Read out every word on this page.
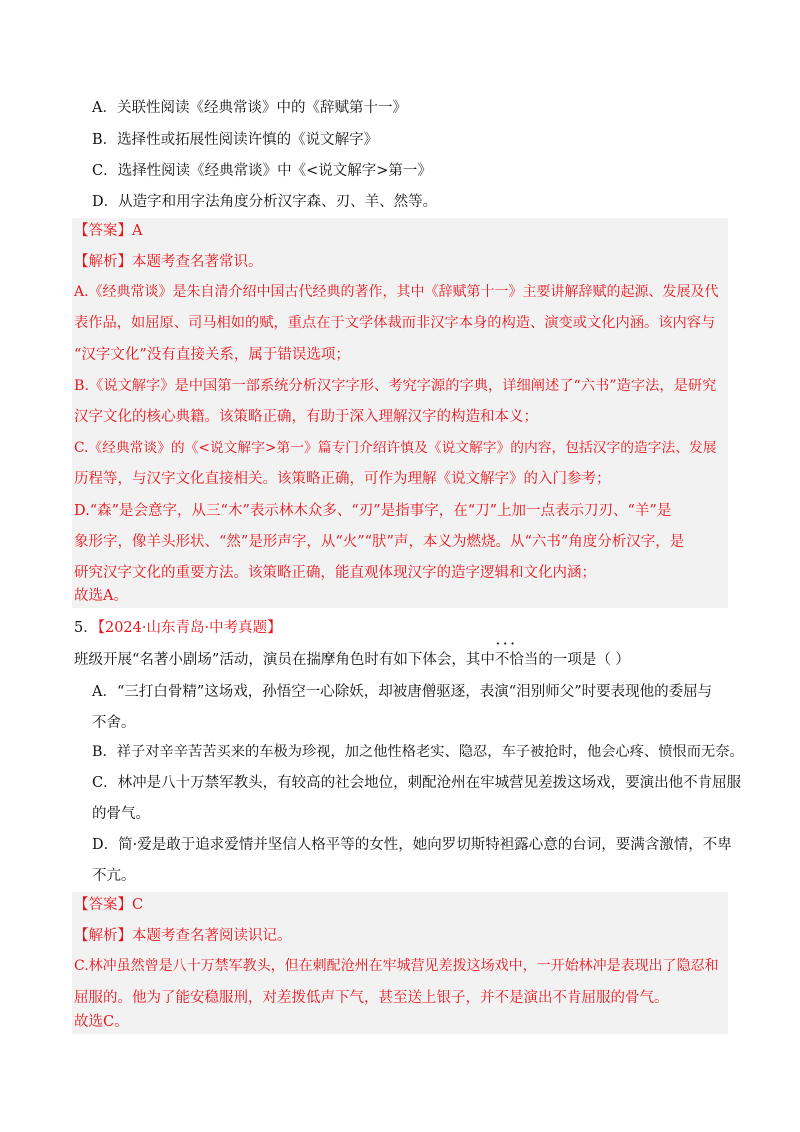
A．关联性阅读《经典常谈》中的《辞赋第十一》
B．选择性或拓展性阅读许慎的《说文解字》
C．选择性阅读《经典常谈》中《<说文解字>第一》
D．从造字和用字法角度分析汉字森、刃、羊、然等。
【答案】A
【解析】本题考查名著常识。
A.《经典常谈》是朱自清介绍中国古代经典的著作，其中《辞赋第十一》主要讲解辞赋的起源、发展及代
表作品，如屈原、司马相如的赋，重点在于文学体裁而非汉字本身的构造、演变或文化内涵。该内容与
“汉字文化”没有直接关系，属于错误选项；
B.《说文解字》是中国第一部系统分析汉字字形、考究字源的字典，详细阐述了“六书”造字法，是研究
汉字文化的核心典籍。该策略正确，有助于深入理解汉字的构造和本义；
C.《经典常谈》的《<说文解字>第一》篇专门介绍许慎及《说文解字》的内容，包括汉字的造字法、发展
历程等，与汉字文化直接相关。该策略正确，可作为理解《说文解字》的入门参考；
D.“森”是会意字，从三“木”表示林木众多、“刃”是指事字，在“刀”上加一点表示刀刃、“羊”是
象形字，像羊头形状、“然”是形声字，从“火”“肰”声，本义为燃烧。从“六书”角度分析汉字，是
研究汉字文化的重要方法。该策略正确，能直观体现汉字的造字逻辑和文化内涵；
故选A。
5．【2024·山东青岛·中考真题】
班级开展“名著小剧场”活动，演员在揣摩角色时有如下体会，其中• • 不恰当的一项是（ ）
A．“三打白骨精”这场戏，孙悟空一心除妖，却被唐僧驱逐，表演“泪别师父”时要表现他的委屈与
不舍。
B．祥子对辛辛苦苦买来的车极为珍视，加之他性格老实、隐忍，车子被抢时，他会心疼、愤恨而无奈。
C．林冲是八十万禁军教头，有较高的社会地位，刺配沧州在牢城营见差拨这场戏，要演出他不肯屈服
的骨气。
D．简·爱是敢于追求爱情并坚信人格平等的女性，她向罗切斯特袒露心意的台词，要满含激情，不卑
不亢。
【答案】C
【解析】本题考查名著阅读识记。
C.林冲虽然曾是八十万禁军教头，但在刺配沧州在牢城营见差拨这场戏中，一开始林冲是表现出了隐忍和
屈服的。他为了能安稳服刑，对差拨低声下气，甚至送上银子，并不是演出不肯屈服的骨气。
故选C。
